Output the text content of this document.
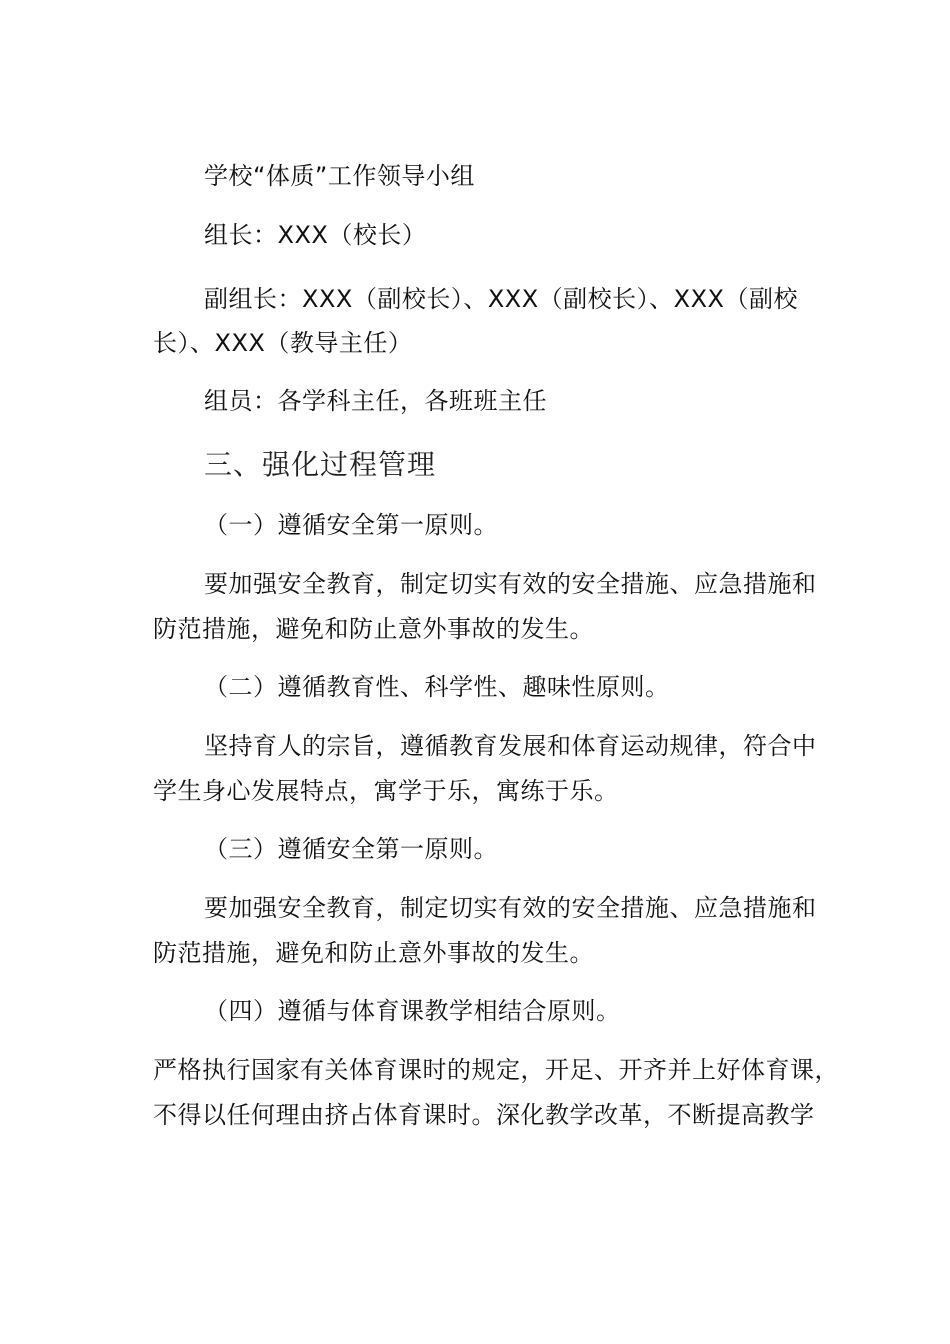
学校“体质”工作领导小组
组长：XXX（校长）
副组长：XXX（副校长）、XXX（副校长）、XXX（副校
长）、XXX（教导主任）
组员：各学科主任，各班班主任
三、强化过程管理
（一）遵循安全第一原则。
要加强安全教育，制定切实有效的安全措施、应急措施和
防范措施，避免和防止意外事故的发生。
（二）遵循教育性、科学性、趣味性原则。
坚持育人的宗旨，遵循教育发展和体育运动规律，符合中
学生身心发展特点，寓学于乐，寓练于乐。
（三）遵循安全第一原则。
要加强安全教育，制定切实有效的安全措施、应急措施和
防范措施，避免和防止意外事故的发生。
（四）遵循与体育课教学相结合原则。
严格执行国家有关体育课时的规定，开足、开齐并上好体育课，
不得以任何理由挤占体育课时。深化教学改革，不断提高教学
